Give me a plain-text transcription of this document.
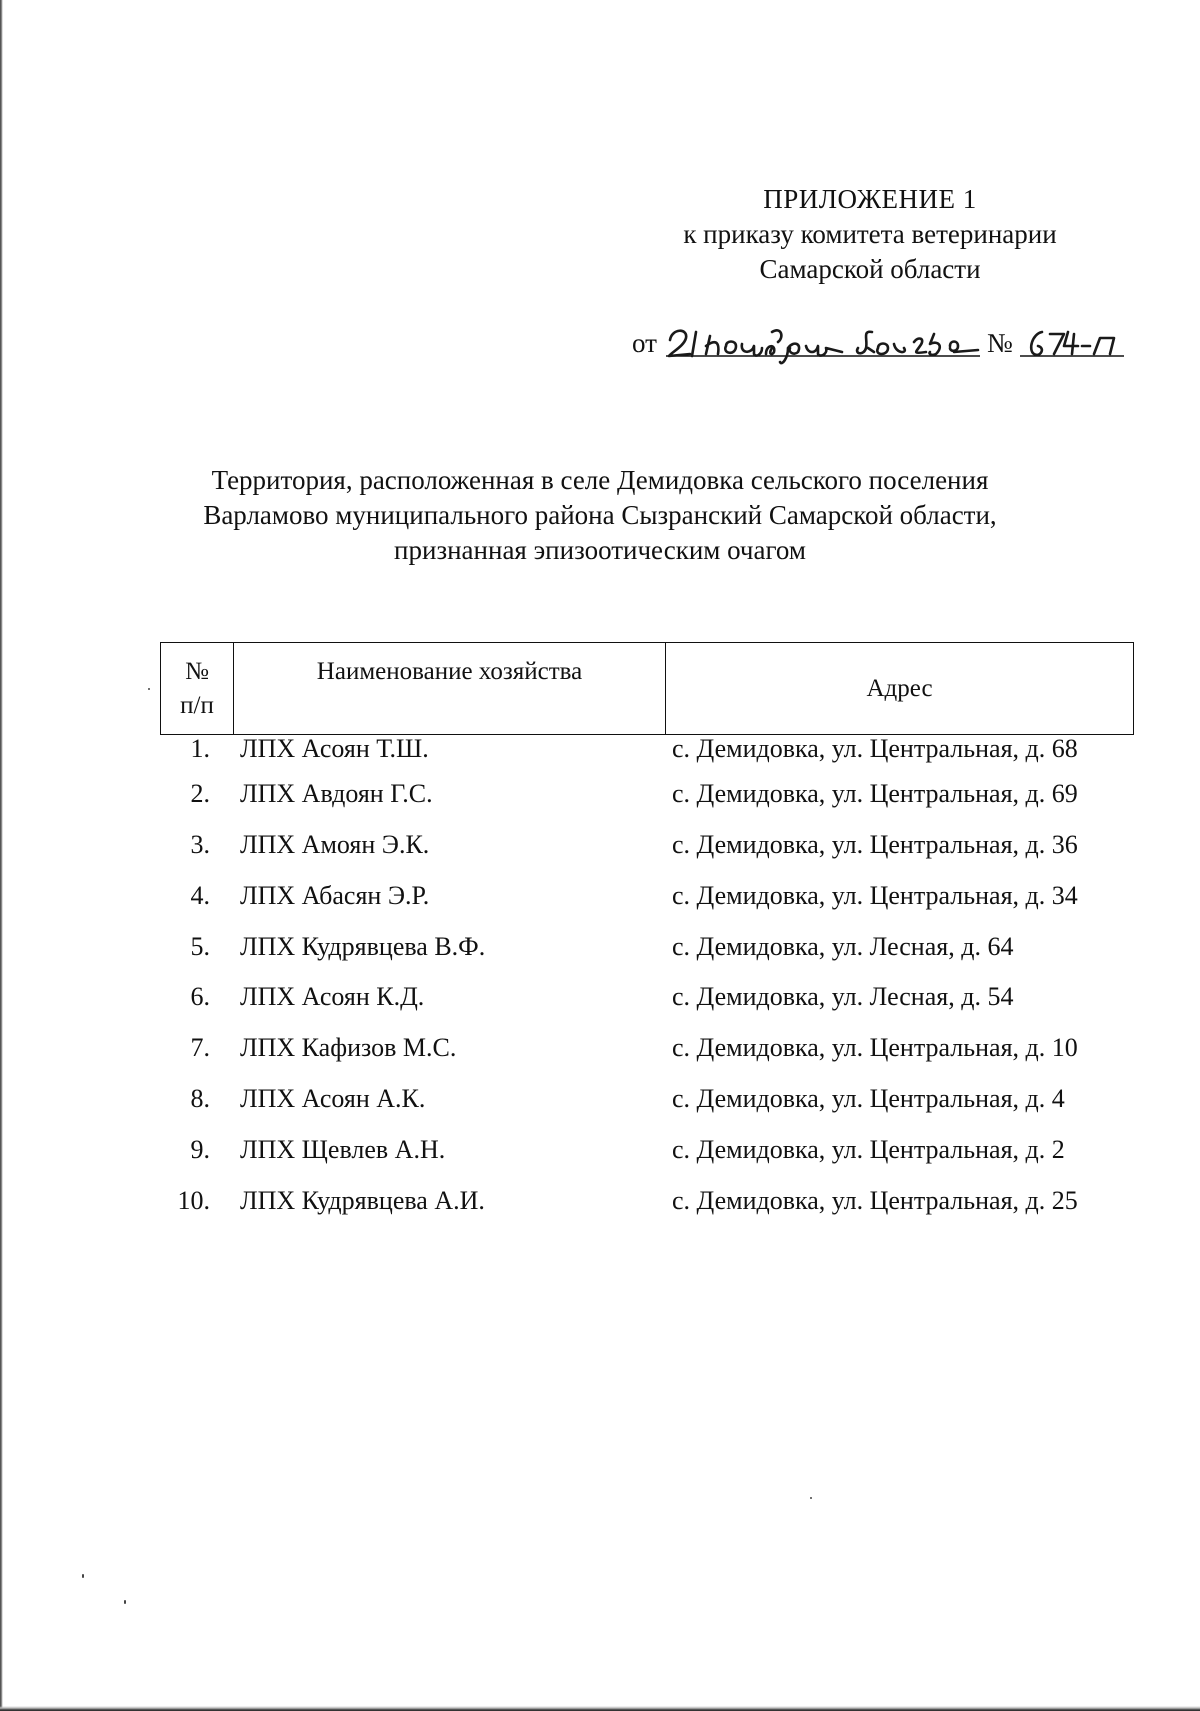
ПРИЛОЖЕНИЕ 1
к приказу комитета ветеринарии
Самарской области
от	№
Территория, расположенная в селе Демидовка сельского поселения
Варламово муниципального района Сызранский Самарской области,
признанная эпизоотическим очагом
№
п/п
	Наименование хозяйства	Адрес
1. ЛПХ Асоян Т.Ш.	с. Демидовка, ул. Центральная, д. 68
2. ЛПХ Авдоян Г.С.	с. Демидовка, ул. Центральная, д. 69
3. ЛПХ Амоян Э.К.	с. Демидовка, ул. Центральная, д. 36
4. ЛПХ Абасян Э.Р.	с. Демидовка, ул. Центральная, д. 34
5. ЛПХ Кудрявцева В.Ф.	с. Демидовка, ул. Лесная, д. 64
6. ЛПХ Асоян К.Д.	с. Демидовка, ул. Лесная, д. 54
7. ЛПХ Кафизов М.С.	с. Демидовка, ул. Центральная, д. 10
8. ЛПХ Асоян А.К.	с. Демидовка, ул. Центральная, д. 4
9. ЛПХ Щевлев А.Н.	с. Демидовка, ул. Центральная, д. 2
10. ЛПХ Кудрявцева А.И.	с. Демидовка, ул. Центральная, д. 25
